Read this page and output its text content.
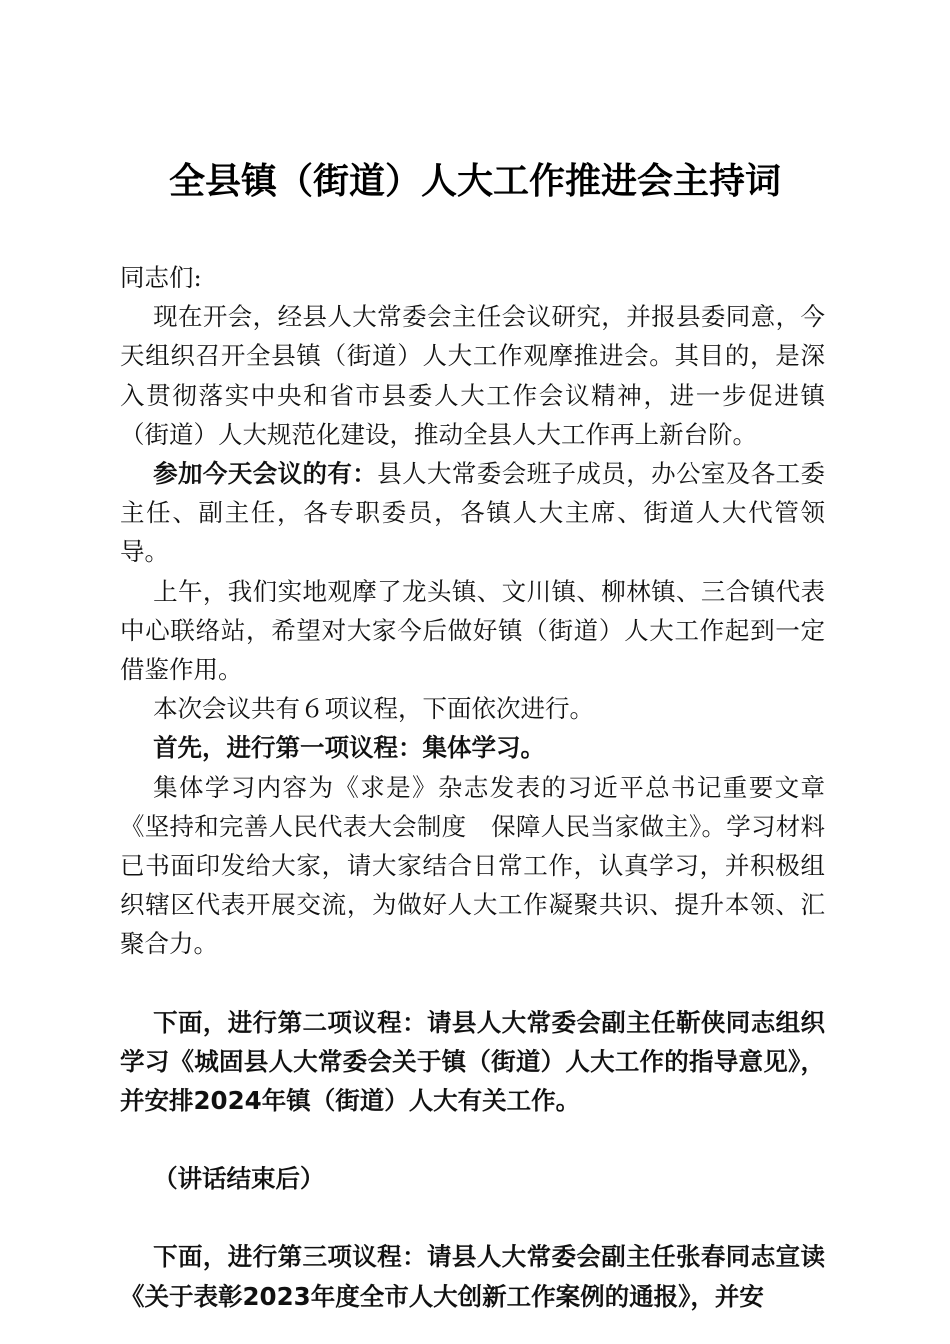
全县镇（街道）人大工作推进会主持词

同志们:

现在开会，经县人大常委会主任会议研究，并报县委同意，今天组织召开全县镇（街道）人大工作观摩推进会。其目的，是深入贯彻落实中央和省市县委人大工作会议精神，进一步促进镇（街道）人大规范化建设，推动全县人大工作再上新台阶。

参加今天会议的有：县人大常委会班子成员，办公室及各工委主任、副主任，各专职委员，各镇人大主席、街道人大代管领导。

上午，我们实地观摩了龙头镇、文川镇、柳林镇、三合镇代表中心联络站，希望对大家今后做好镇（街道）人大工作起到一定借鉴作用。

本次会议共有６项议程，下面依次进行。

首先，进行第一项议程：集体学习。

集体学习内容为《求是》杂志发表的习近平总书记重要文章《坚持和完善人民代表大会制度　保障人民当家做主》。学习材料已书面印发给大家，请大家结合日常工作，认真学习，并积极组织辖区代表开展交流，为做好人大工作凝聚共识、提升本领、汇聚合力。

下面，进行第二项议程：请县人大常委会副主任靳侠同志组织学习《城固县人大常委会关于镇（街道）人大工作的指导意见》，并安排2024年镇（街道）人大有关工作。

（讲话结束后）

下面，进行第三项议程：请县人大常委会副主任张春同志宣读《关于表彰2023年度全市人大创新工作案例的通报》，并安
